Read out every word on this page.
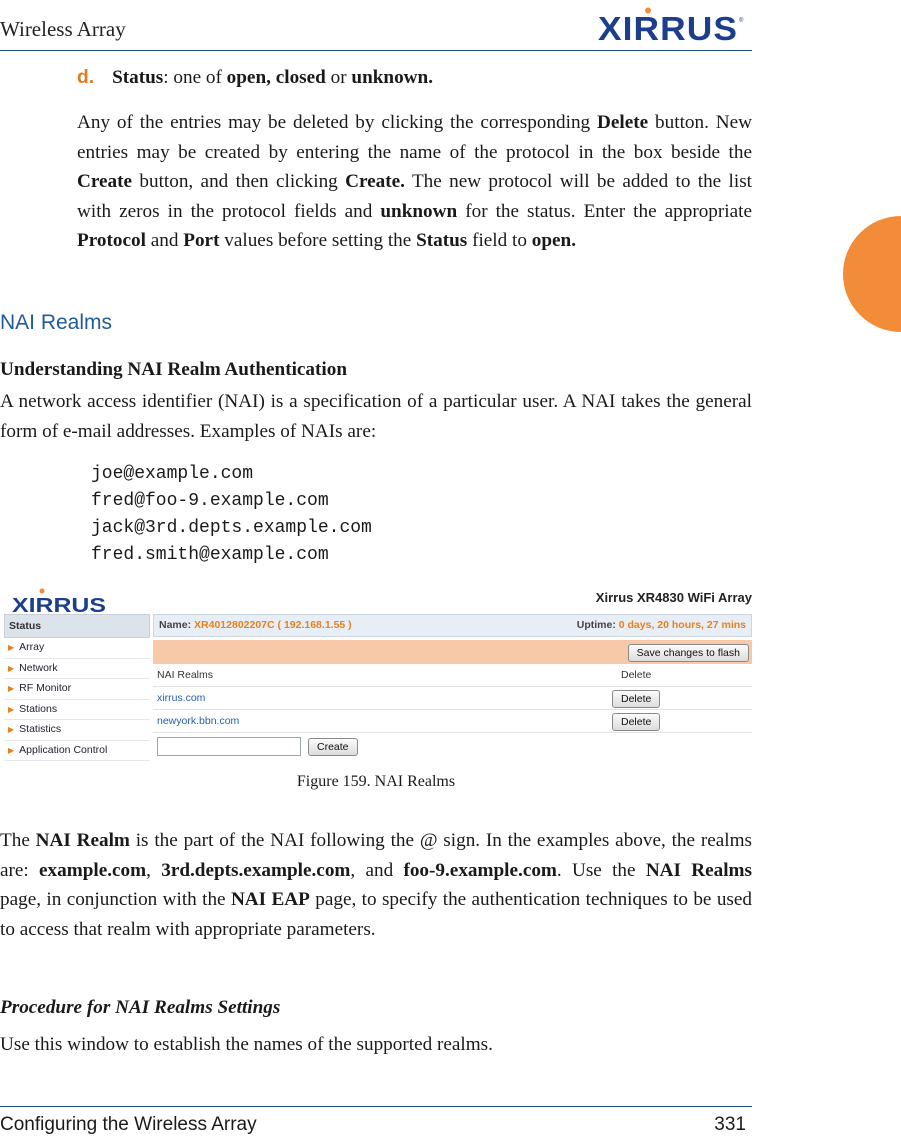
Wireless Array	XIRRUS ®
d. Status: one of open, closed or unknown.
Any of the entries may be deleted by clicking the corresponding Delete button. New entries may be created by entering the name of the protocol in the box beside the Create button, and then clicking Create. The new protocol will be added to the list with zeros in the protocol fields and unknown for the status. Enter the appropriate Protocol and Port values before setting the Status field to open.
NAI Realms
Understanding NAI Realm Authentication
A network access identifier (NAI) is a specification of a particular user. A NAI takes the general form of e-mail addresses. Examples of NAIs are:
joe@example.com
fred@foo-9.example.com
jack@3rd.depts.example.com
fred.smith@example.com
XIRRUS	Xirrus XR4830 WiFi Array
Status
▶ Array
▶ Network
▶ RF Monitor
▶ Stations
▶ Statistics
▶ Application Control
Name: XR4012802207C ( 192.168.1.55 )	Uptime: 0 days, 20 hours, 27 mins
Save changes to flash
NAI Realms	Delete
xirrus.com	Delete
newyork.bbn.com	Delete
Create
Figure 159. NAI Realms
The NAI Realm is the part of the NAI following the @ sign. In the examples above, the realms are: example.com, 3rd.depts.example.com, and foo-9.example.com. Use the NAI Realms page, in conjunction with the NAI EAP page, to specify the authentication techniques to be used to access that realm with appropriate parameters.
Procedure for NAI Realms Settings
Use this window to establish the names of the supported realms.
Configuring the Wireless Array	331
